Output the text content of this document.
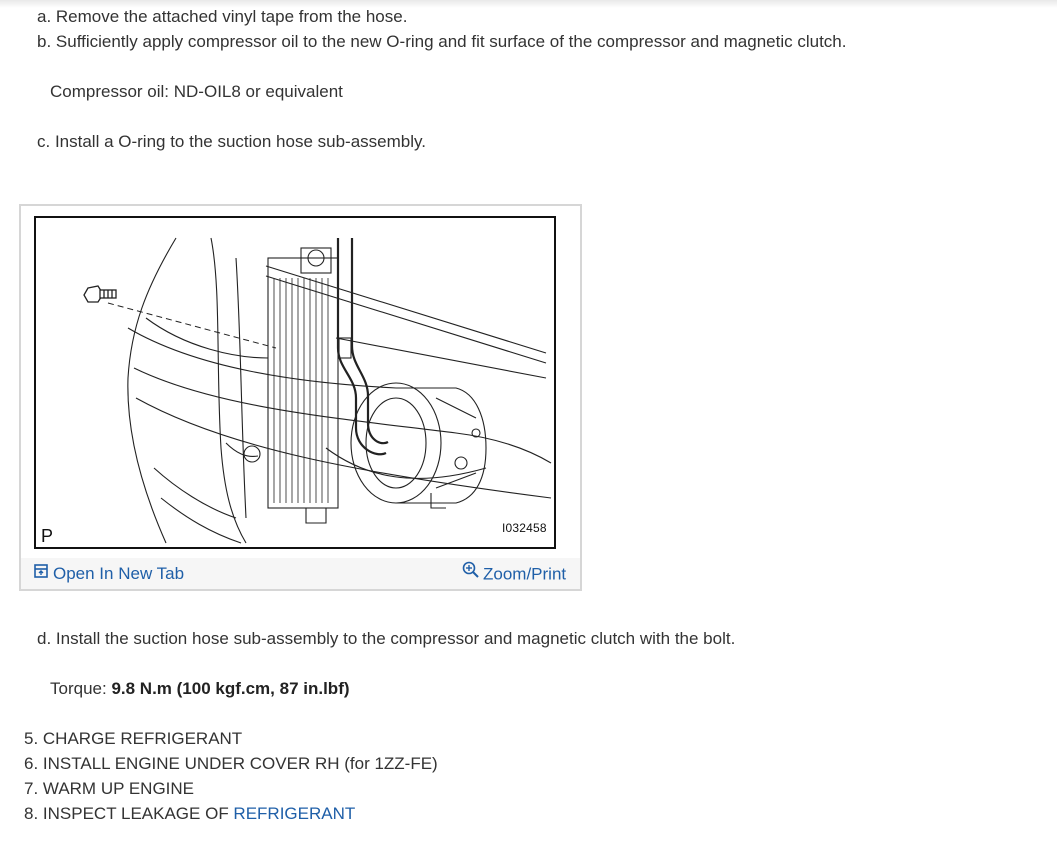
a. Remove the attached vinyl tape from the hose.
b. Sufficiently apply compressor oil to the new O-ring and fit surface of the compressor and magnetic clutch.
Compressor oil: ND-OIL8 or equivalent
c. Install a O-ring to the suction hose sub-assembly.
P	I032458
Open In New Tab	Zoom/Print
d. Install the suction hose sub-assembly to the compressor and magnetic clutch with the bolt.
Torque: 9.8 N.m (100 kgf.cm, 87 in.lbf)
5. CHARGE REFRIGERANT
6. INSTALL ENGINE UNDER COVER RH (for 1ZZ-FE)
7. WARM UP ENGINE
8. INSPECT LEAKAGE OF REFRIGERANT
